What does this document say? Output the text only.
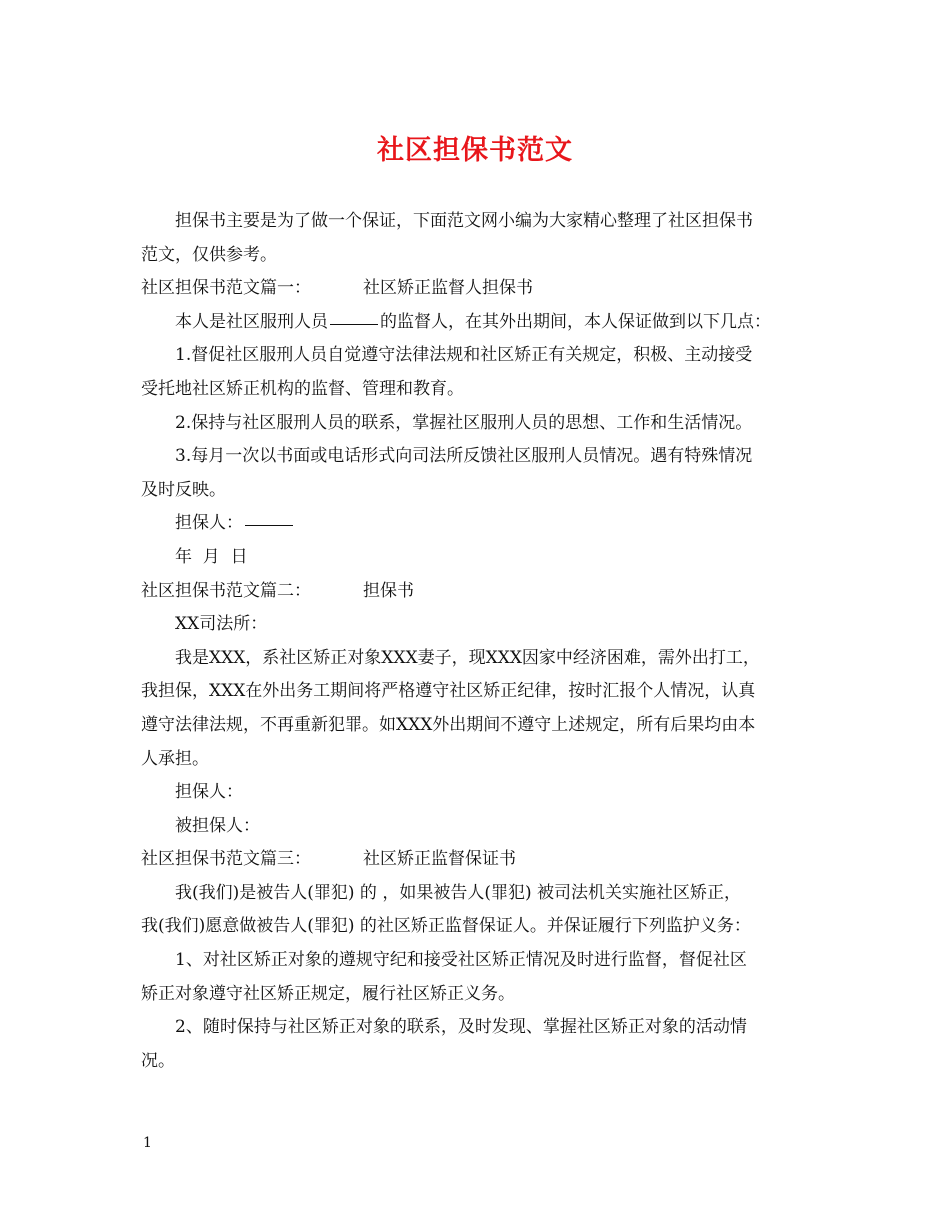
社区担保书范文

担保书主要是为了做一个保证，下面范文网小编为大家精心整理了社区担保书

范文，仅供参考。

社区担保书范文篇一：	社区矫正监督人担保书

本人是社区服刑人员	的监督人，在其外出期间，本人保证做到以下几点：

1.督促社区服刑人员自觉遵守法律法规和社区矫正有关规定，积极、主动接受

受托地社区矫正机构的监督、管理和教育。

2.保持与社区服刑人员的联系，掌握社区服刑人员的思想、工作和生活情况。

3.每月一次以书面或电话形式向司法所反馈社区服刑人员情况。遇有特殊情况

及时反映。

担保人：

年  月  日

社区担保书范文篇二：	担保书

XX司法所：

我是XXX，系社区矫正对象XXX妻子，现XXX因家中经济困难，需外出打工，

我担保，XXX在外出务工期间将严格遵守社区矫正纪律，按时汇报个人情况，认真

遵守法律法规，不再重新犯罪。如XXX外出期间不遵守上述规定，所有后果均由本

人承担。

担保人：

被担保人：

社区担保书范文篇三：	社区矫正监督保证书

我(我们)是被告人(罪犯) 的 ，如果被告人(罪犯) 被司法机关实施社区矫正，

我(我们)愿意做被告人(罪犯) 的社区矫正监督保证人。并保证履行下列监护义务：

1、对社区矫正对象的遵规守纪和接受社区矫正情况及时进行监督，督促社区

矫正对象遵守社区矫正规定，履行社区矫正义务。

2、随时保持与社区矫正对象的联系，及时发现、掌握社区矫正对象的活动情

况。

1
